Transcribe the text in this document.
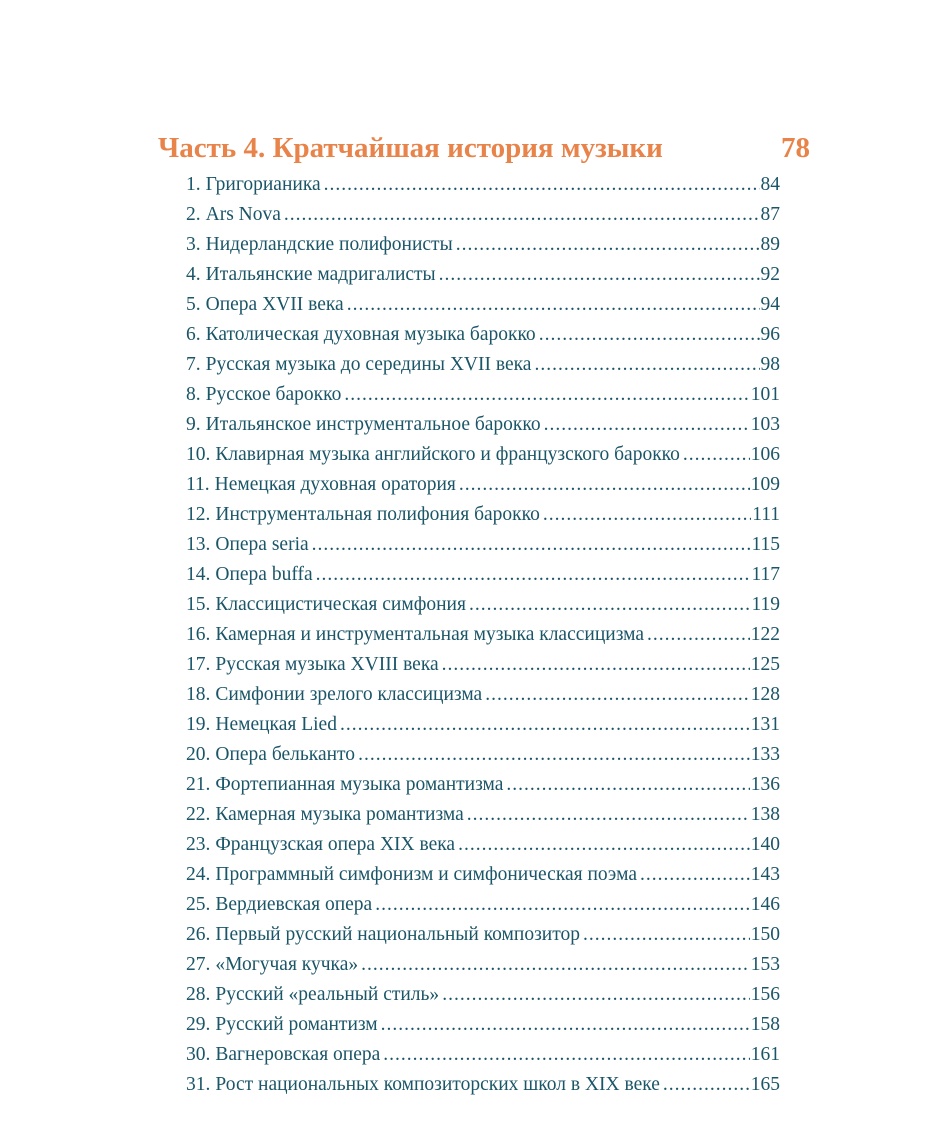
Часть 4. Кратчайшая история музыки	78
1. Григорианика .....	84
2. Ars Nova .....	87
3. Нидерландские полифонисты .....	89
4. Итальянские мадригалисты .....	92
5. Опера XVII века .....	94
6. Католическая духовная музыка барокко .....	96
7. Русская музыка до середины XVII века .....	98
8. Русское барокко .....	101
9. Итальянское инструментальное барокко .....	103
10. Клавирная музыка английского и французского барокко .....	106
11. Немецкая духовная оратория .....	109
12. Инструментальная полифония барокко .....	111
13. Опера seria .....	115
14. Опера buffa .....	117
15. Классицистическая симфония .....	119
16. Камерная и инструментальная музыка классицизма .....	122
17. Русская музыка XVIII века .....	125
18. Симфонии зрелого классицизма .....	128
19. Немецкая Lied .....	131
20. Опера бельканто .....	133
21. Фортепианная музыка романтизма .....	136
22. Камерная музыка романтизма .....	138
23. Французская опера XIX века .....	140
24. Программный симфонизм и симфоническая поэма .....	143
25. Вердиевская опера .....	146
26. Первый русский национальный композитор .....	150
27. «Могучая кучка» .....	153
28. Русский «реальный стиль» .....	156
29. Русский романтизм .....	158
30. Вагнеровская опера .....	161
31. Рост национальных композиторских школ в XIX веке .....	165
